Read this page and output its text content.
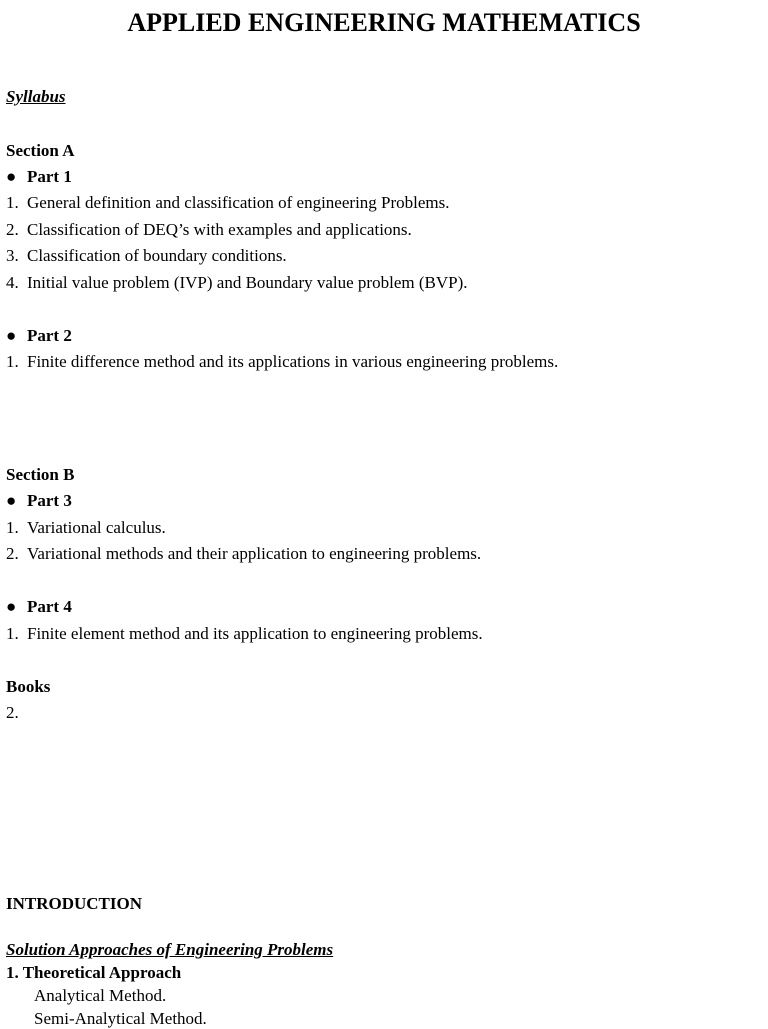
APPLIED ENGINEERING MATHEMATICS
Syllabus
Section A
● Part 1
1. General definition and classification of engineering Problems.
2. Classification of DEQ’s with examples and applications.
3. Classification of boundary conditions.
4. Initial value problem (IVP) and Boundary value problem (BVP).
● Part 2
1. Finite difference method and its applications in various engineering problems.
Section B
● Part 3
1. Variational calculus.
2. Variational methods and their application to engineering problems.
● Part 4
1. Finite element method and its application to engineering problems.
Books
2.
INTRODUCTION
Solution Approaches of Engineering Problems
1. Theoretical Approach
Analytical Method.
Semi-Analytical Method.
